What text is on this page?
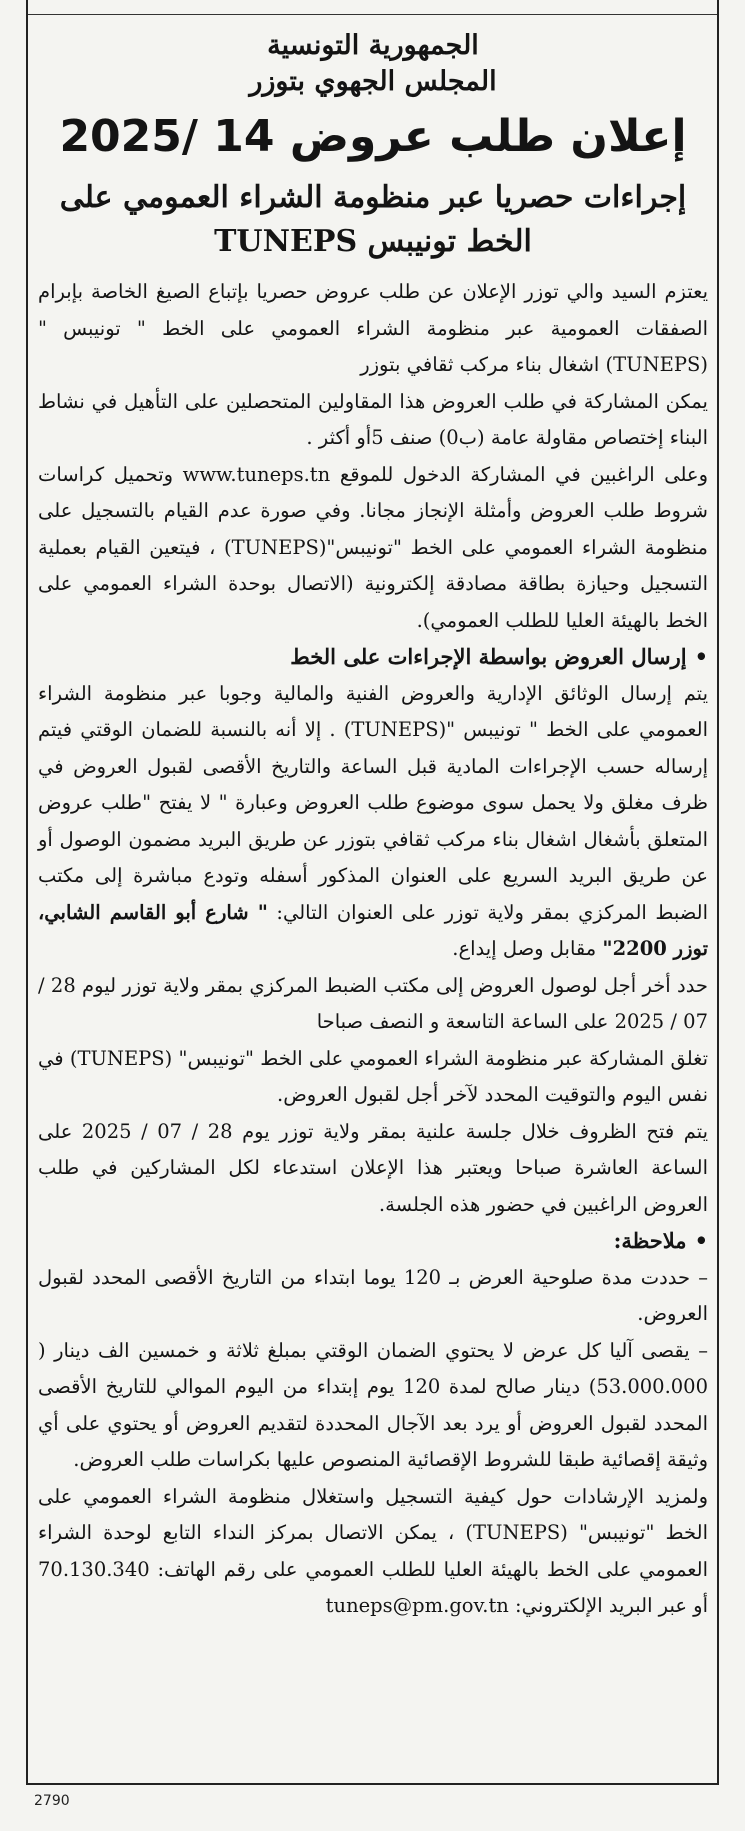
الجمهورية التونسية
المجلس الجهوي بتوزر
إعلان طلب عروض 14 /2025
إجراءات حصريا عبر منظومة الشراء العمومي على
الخط تونيبس TUNEPS

يعتزم السيد والي توزر الإعلان عن طلب عروض حصريا بإتباع الصيغ الخاصة بإبرام الصفقات العمومية عبر منظومة الشراء العمومي على الخط " تونيبس "(TUNEPS) اشغال بناء مركب ثقافي بتوزر

يمكن المشاركة في طلب العروض هذا المقاولين المتحصلين على التأهيل في نشاط البناء إختصاص مقاولة عامة (ب0) صنف 5أو أكثر .

وعلى الراغبين في المشاركة الدخول للموقع www.tuneps.tn وتحميل كراسات شروط طلب العروض وأمثلة الإنجاز مجانا. وفي صورة عدم القيام بالتسجيل على منظومة الشراء العمومي على الخط "تونيبس"(TUNEPS) ، فيتعين القيام بعملية التسجيل وحيازة بطاقة مصادقة إلكترونية (الاتصال بوحدة الشراء العمومي على الخط بالهيئة العليا للطلب العمومي).

•إرسال العروض بواسطة الإجراءات على الخط

يتم إرسال الوثائق الإدارية والعروض الفنية والمالية وجوبا عبر منظومة الشراء العمومي على الخط " تونيبس "(TUNEPS) . إلا أنه بالنسبة للضمان الوقتي فيتم إرساله حسب الإجراءات المادية قبل الساعة والتاريخ الأقصى لقبول العروض في ظرف مغلق ولا يحمل سوى موضوع طلب العروض وعبارة " لا يفتح "طلب عروض المتعلق بأشغال اشغال بناء مركب ثقافي بتوزر عن طريق البريد مضمون الوصول أو عن طريق البريد السريع على العنوان المذكور أسفله وتودع مباشرة إلى مكتب الضبط المركزي بمقر ولاية توزر على العنوان التالي: " شارع أبو القاسم الشابي، توزر 2200" مقابل وصل إيداع.

حدد أخر أجل لوصول العروض إلى مكتب الضبط المركزي بمقر ولاية توزر ليوم 28 / 07 / 2025 على الساعة التاسعة و النصف صباحا

تغلق المشاركة عبر منظومة الشراء العمومي على الخط "تونيبس" (TUNEPS) في نفس اليوم والتوقيت المحدد لآخر أجل لقبول العروض.

يتم فتح الظروف خلال جلسة علنية بمقر ولاية توزر يوم 28 / 07 / 2025 على الساعة العاشرة صباحا ويعتبر هذا الإعلان استدعاء لكل المشاركين في طلب العروض الراغبين في حضور هذه الجلسة.

•ملاحظة:

– حددت مدة صلوحية العرض بـ 120 يوما ابتداء من التاريخ الأقصى المحدد لقبول العروض.

– يقصى آليا كل عرض لا يحتوي الضمان الوقتي بمبلغ ثلاثة و خمسين الف دينار ( 53.000.000) دينار صالح لمدة 120 يوم إبتداء من اليوم الموالي للتاريخ الأقصى المحدد لقبول العروض أو يرد بعد الآجال المحددة لتقديم العروض أو يحتوي على أي وثيقة إقصائية طبقا للشروط الإقصائية المنصوص عليها بكراسات طلب العروض.

ولمزيد الإرشادات حول كيفية التسجيل واستغلال منظومة الشراء العمومي على الخط "تونيبس" (TUNEPS) ، يمكن الاتصال بمركز النداء التابع لوحدة الشراء العمومي على الخط بالهيئة العليا للطلب العمومي على رقم الهاتف: 70.130.340 أو عبر البريد الإلكتروني: tuneps@pm.gov.tn

2790
